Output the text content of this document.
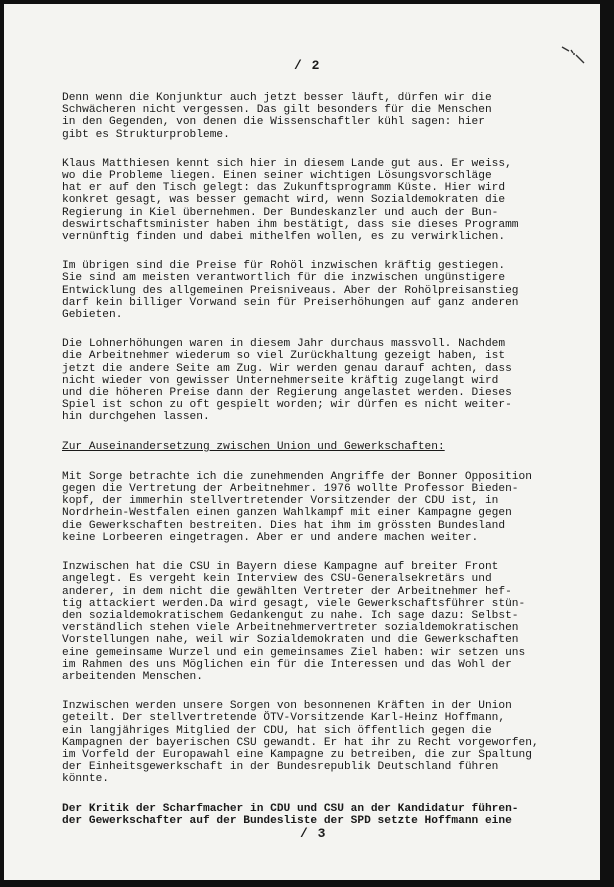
/ 2
Denn wenn die Konjunktur auch jetzt besser läuft, dürfen wir die
Schwächeren nicht vergessen. Das gilt besonders für die Menschen
in den Gegenden, von denen die Wissenschaftler kühl sagen: hier
gibt es Strukturprobleme.
Klaus Matthiesen kennt sich hier in diesem Lande gut aus. Er weiss,
wo die Probleme liegen. Einen seiner wichtigen Lösungsvorschläge
hat er auf den Tisch gelegt: das Zukunftsprogramm Küste. Hier wird
konkret gesagt, was besser gemacht wird, wenn Sozialdemokraten die
Regierung in Kiel übernehmen. Der Bundeskanzler und auch der Bun-
deswirtschaftsminister haben ihm bestätigt, dass sie dieses Programm
vernünftig finden und dabei mithelfen wollen, es zu verwirklichen.
Im übrigen sind die Preise für Rohöl inzwischen kräftig gestiegen.
Sie sind am meisten verantwortlich für die inzwischen ungünstigere
Entwicklung des allgemeinen Preisniveaus. Aber der Rohölpreisanstieg
darf kein billiger Vorwand sein für Preiserhöhungen auf ganz anderen
Gebieten.
Die Lohnerhöhungen waren in diesem Jahr durchaus massvoll. Nachdem
die Arbeitnehmer wiederum so viel Zurückhaltung gezeigt haben, ist
jetzt die andere Seite am Zug. Wir werden genau darauf achten, dass
nicht wieder von gewisser Unternehmerseite kräftig zugelangt wird
und die höheren Preise dann der Regierung angelastet werden. Dieses
Spiel ist schon zu oft gespielt worden; wir dürfen es nicht weiter-
hin durchgehen lassen.
Zur Auseinandersetzung zwischen Union und Gewerkschaften:
Mit Sorge betrachte ich die zunehmenden Angriffe der Bonner Opposition
gegen die Vertretung der Arbeitnehmer. 1976 wollte Professor Bieden-
kopf, der immerhin stellvertretender Vorsitzender der CDU ist, in
Nordrhein-Westfalen einen ganzen Wahlkampf mit einer Kampagne gegen
die Gewerkschaften bestreiten. Dies hat ihm im grössten Bundesland
keine Lorbeeren eingetragen. Aber er und andere machen weiter.
Inzwischen hat die CSU in Bayern diese Kampagne auf breiter Front
angelegt. Es vergeht kein Interview des CSU-Generalsekretärs und
anderer, in dem nicht die gewählten Vertreter der Arbeitnehmer hef-
tig attackiert werden.Da wird gesagt, viele Gewerkschaftsführer stün-
den sozialdemokratischem Gedankengut zu nahe. Ich sage dazu: Selbst-
verständlich stehen viele Arbeitnehmervertreter sozialdemokratischen
Vorstellungen nahe, weil wir Sozialdemokraten und die Gewerkschaften
eine gemeinsame Wurzel und ein gemeinsames Ziel haben: wir setzen uns
im Rahmen des uns Möglichen ein für die Interessen und das Wohl der
arbeitenden Menschen.
Inzwischen werden unsere Sorgen von besonnenen Kräften in der Union
geteilt. Der stellvertretende ÖTV-Vorsitzende Karl-Heinz Hoffmann,
ein langjähriges Mitglied der CDU, hat sich öffentlich gegen die
Kampagnen der bayerischen CSU gewandt. Er hat ihr zu Recht vorgeworfen,
im Vorfeld der Europawahl eine Kampagne zu betreiben, die zur Spaltung
der Einheitsgewerkschaft in der Bundesrepublik Deutschland führen
könnte.
Der Kritik der Scharfmacher in CDU und CSU an der Kandidatur führen-
der Gewerkschafter auf der Bundesliste der SPD setzte Hoffmann eine
/ 3
